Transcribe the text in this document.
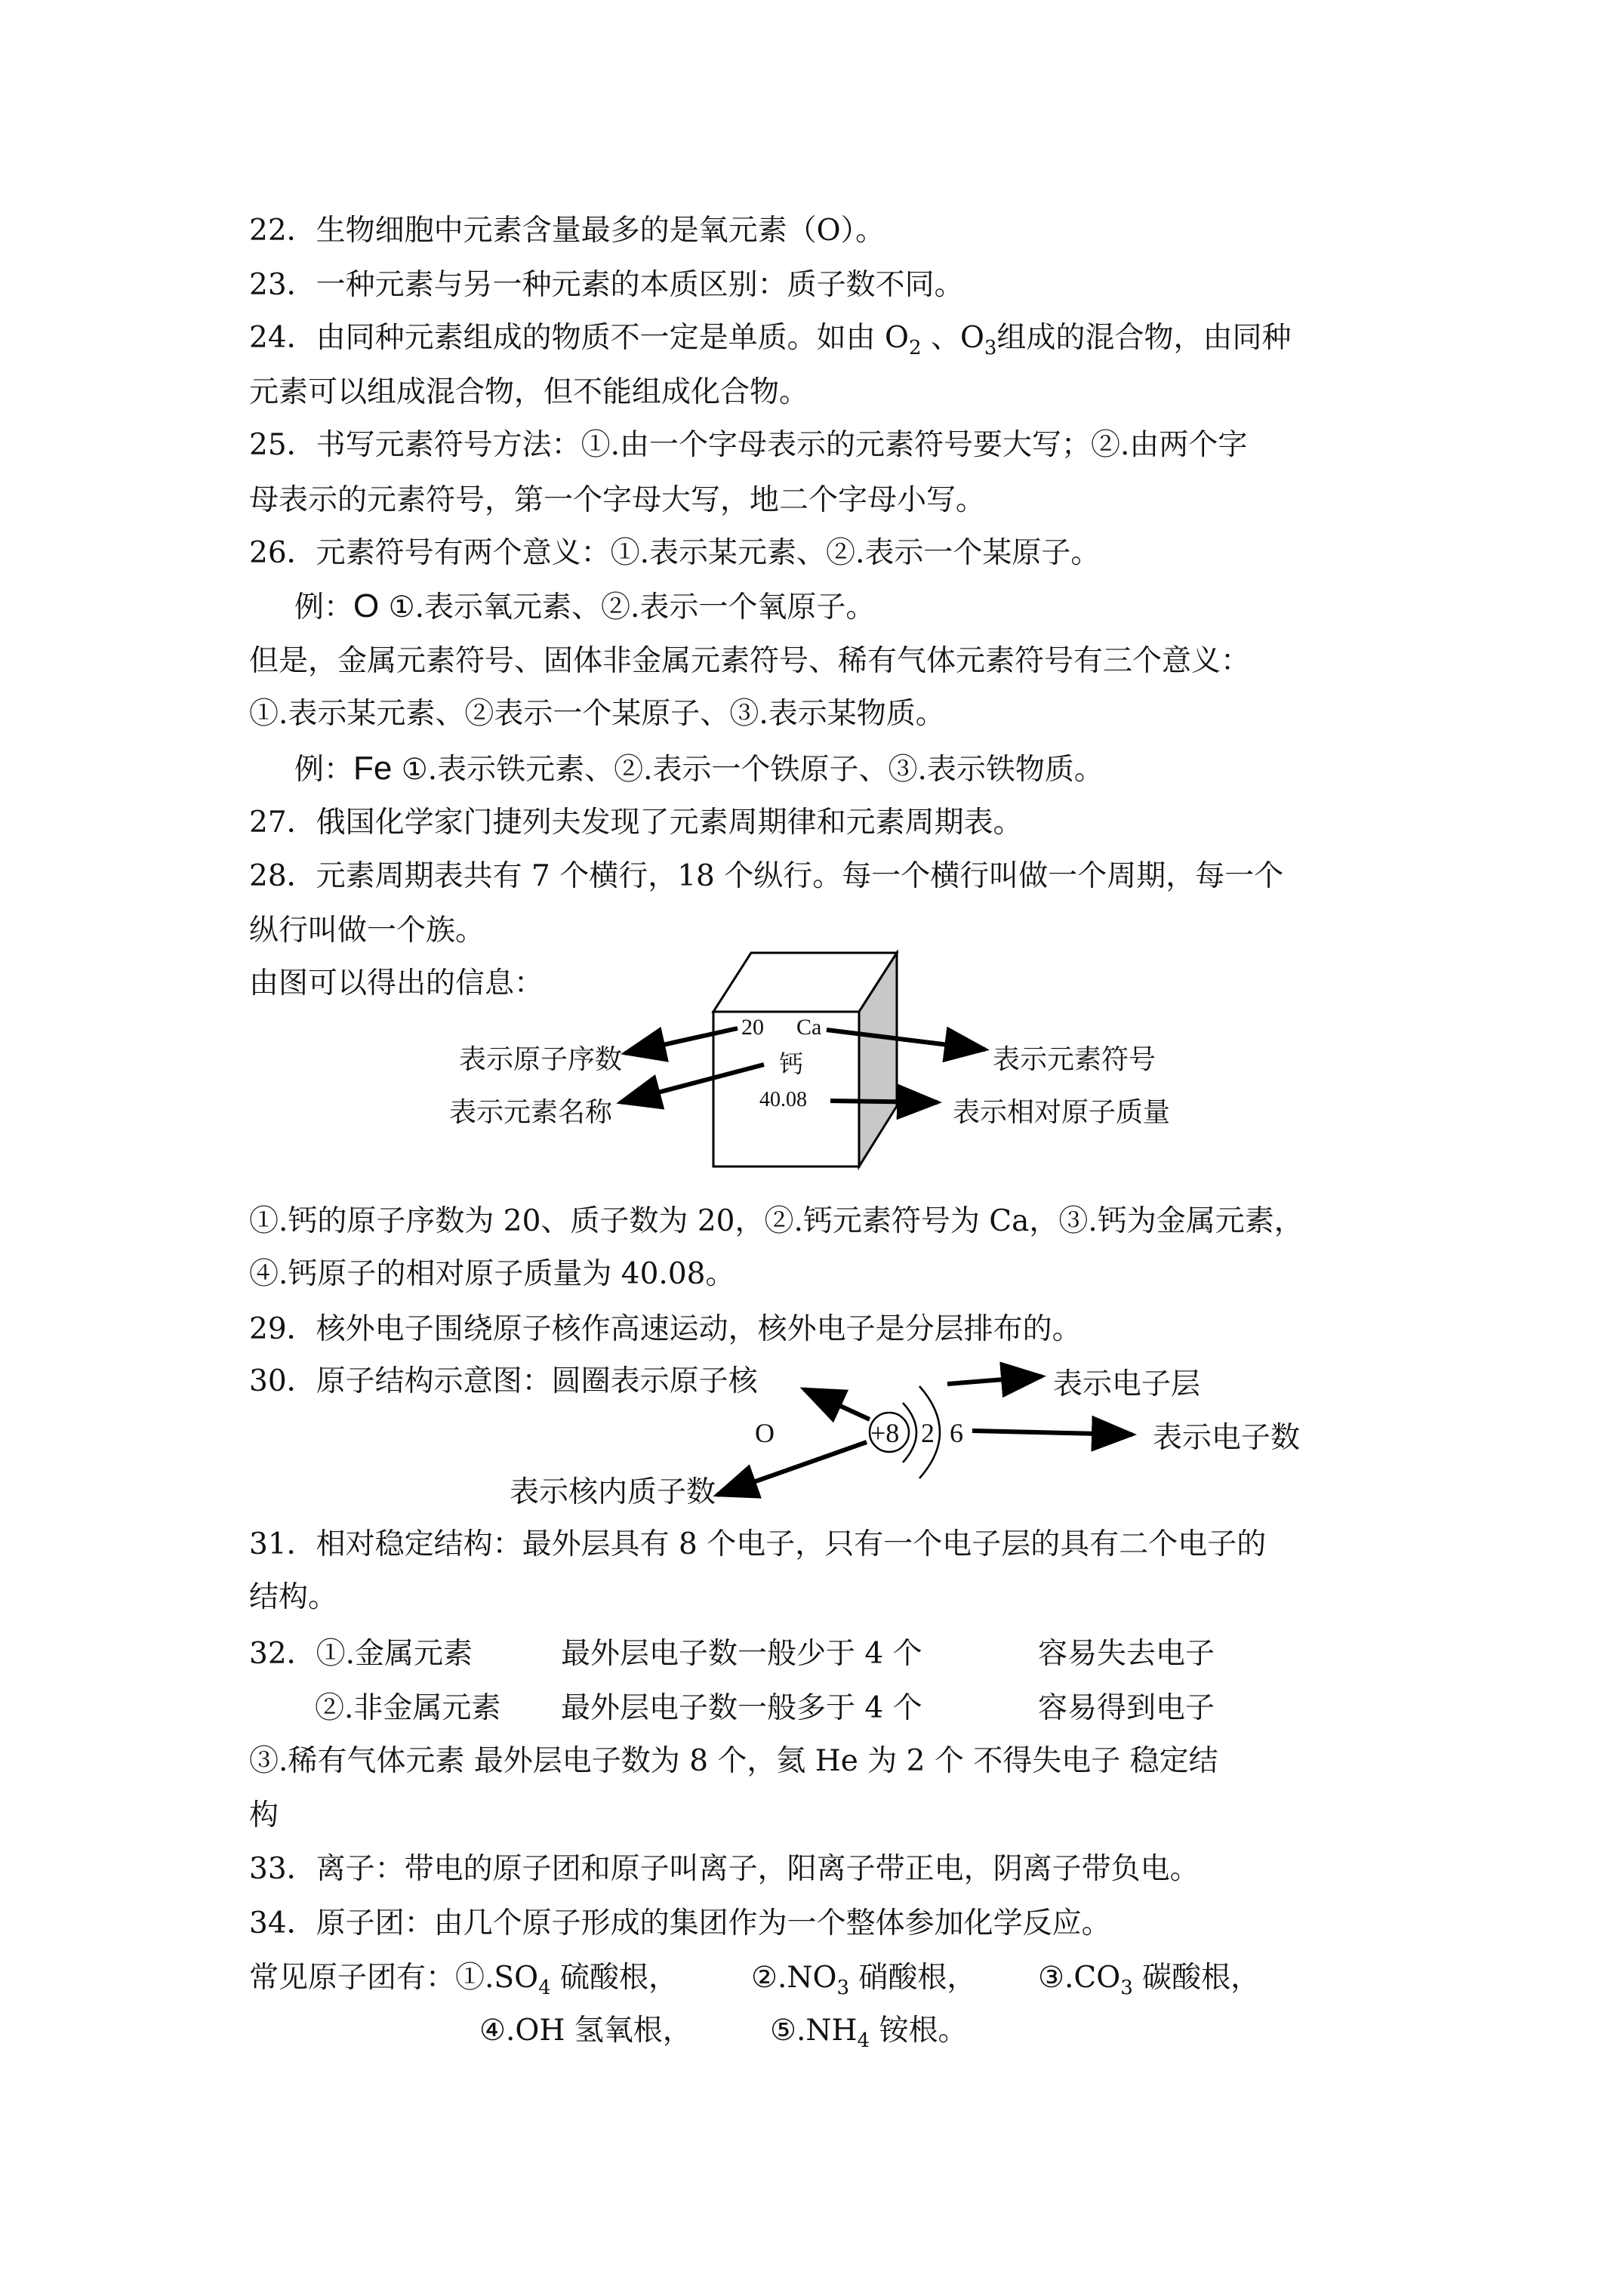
22．生物细胞中元素含量最多的是氧元素（O）。
23．一种元素与另一种元素的本质区别：质子数不同。
24．由同种元素组成的物质不一定是单质。如由 $O_2$ 、$O_3$组成的混合物，由同种
元素可以组成混合物，但不能组成化合物。
25．书写元素符号方法：①.由一个字母表示的元素符号要大写；②.由两个字
母表示的元素符号，第一个字母大写，地二个字母小写。
26．元素符号有两个意义：①.表示某元素、②.表示一个某原子。
例：O ①.表示氧元素、②.表示一个氧原子。
但是，金属元素符号、固体非金属元素符号、稀有气体元素符号有三个意义：
①.表示某元素、②表示一个某原子、③.表示某物质。
例：Fe ①.表示铁元素、②.表示一个铁原子、③.表示铁物质。
27．俄国化学家门捷列夫发现了元素周期律和元素周期表。
28．元素周期表共有 7 个横行，18 个纵行。每一个横行叫做一个周期，每一个
纵行叫做一个族。
由图可以得出的信息：
20 Ca
钙
40.08
表示原子序数	表示元素符号
表示元素名称	表示相对原子质量
①.钙的原子序数为 20、质子数为 20，②.钙元素符号为 Ca，③.钙为金属元素，
④.钙原子的相对原子质量为 40.08。
29．核外电子围绕原子核作高速运动，核外电子是分层排布的。
30．原子结构示意图：圆圈表示原子核
O	+8 2 6
表示电子层
表示电子数
表示核内质子数
31．相对稳定结构：最外层具有 8 个电子，只有一个电子层的具有二个电子的
结构。
32．①.金属元素	最外层电子数一般少于 4 个	容易失去电子
②.非金属元素 最外层电子数一般多于 4 个	容易得到电子
③.稀有气体元素 最外层电子数为 8 个，氦 He 为 2 个 不得失电子 稳定结
构
33．离子：带电的原子团和原子叫离子，阳离子带正电，阴离子带负电。
34．原子团：由几个原子形成的集团作为一个整体参加化学反应。
常见原子团有：$①.SO_4$ 硫酸根， $②.NO_3$ 硝酸根， $③.CO_3$ 碳酸根，
④.OH 氢氧根，	$⑤.NH_4$ 铵根。
